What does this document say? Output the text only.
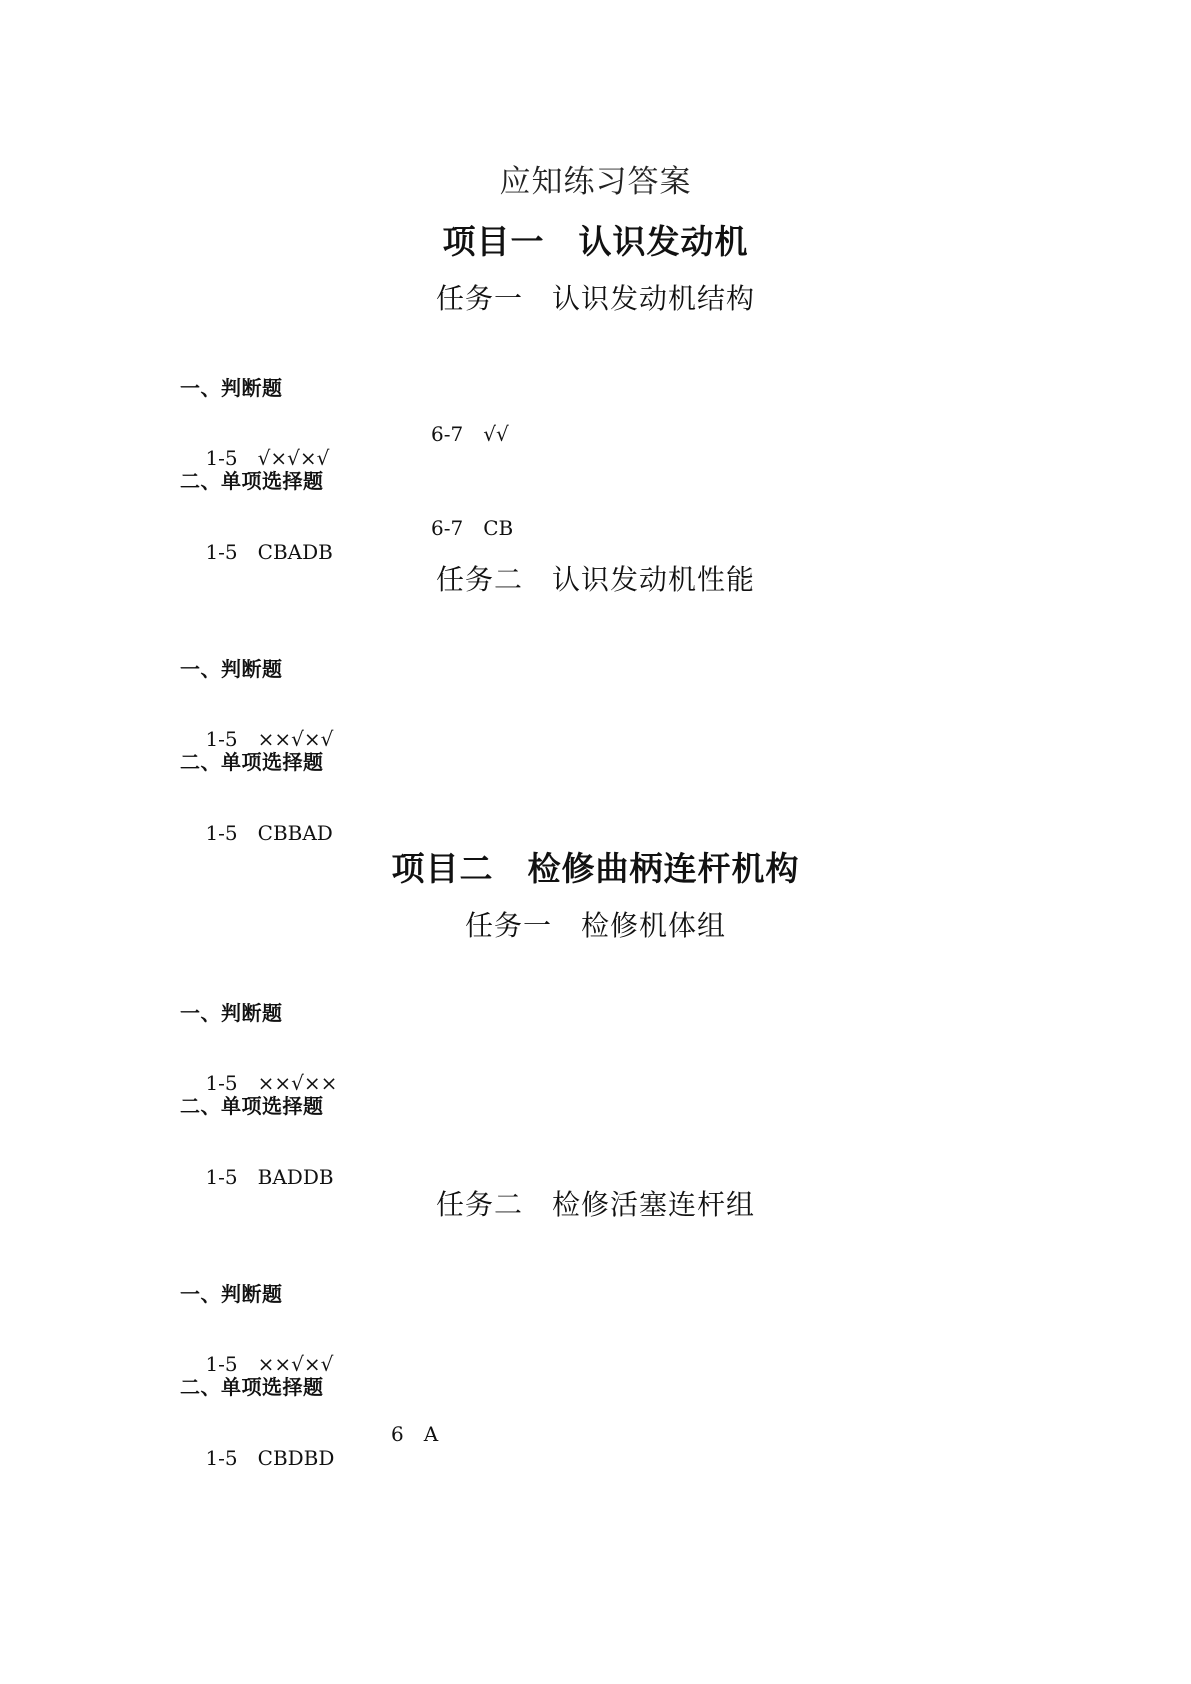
应知练习答案
项目一　认识发动机
任务一　认识发动机结构
一、判断题

1-5　√×√×√

6-7　√√

二、单项选择题

1-5　CBADB

6-7　CB

任务二　认识发动机性能
一、判断题

1-5　××√×√

二、单项选择题

1-5　CBBAD

项目二　检修曲柄连杆机构
任务一　检修机体组
一、判断题

1-5　××√××

二、单项选择题

1-5　BADDB

任务二　检修活塞连杆组
一、判断题

1-5　××√×√

二、单项选择题

1-5　CBDBD

6　A
